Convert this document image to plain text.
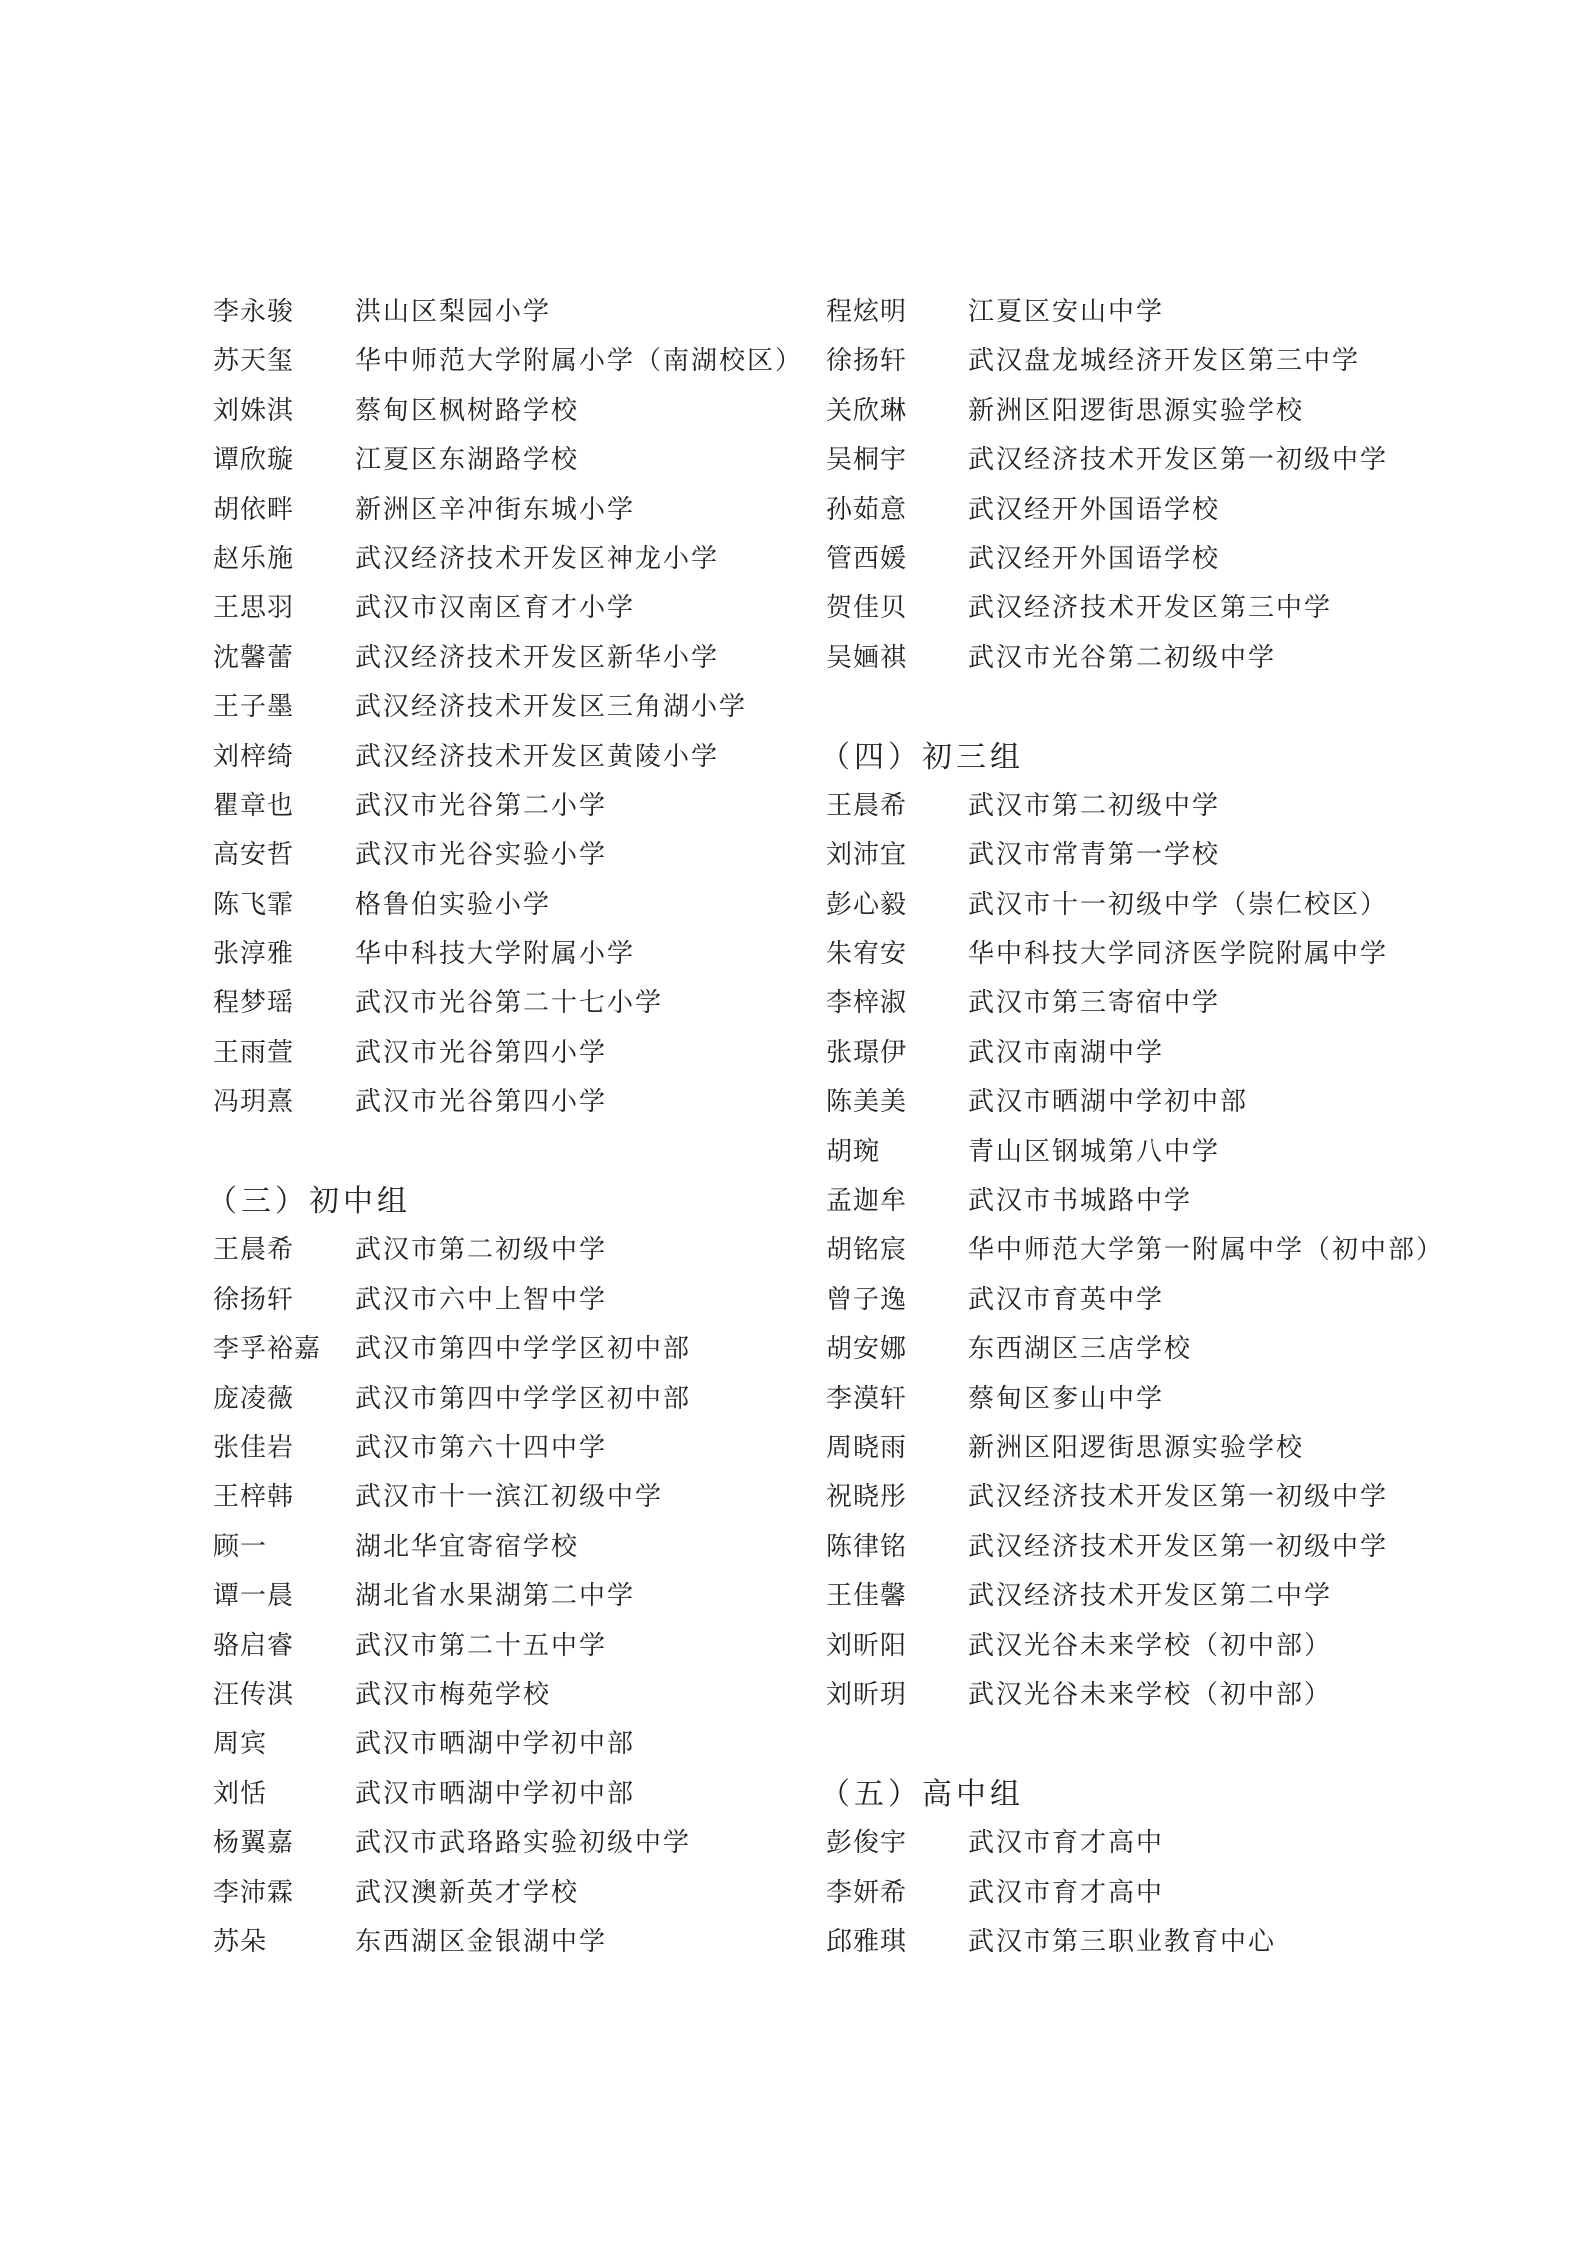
李永骏 洪山区梨园小学
苏天玺 华中师范大学附属小学（南湖校区）
刘姝淇 蔡甸区枫树路学校
谭欣璇 江夏区东湖路学校
胡依畔 新洲区辛冲街东城小学
赵乐施 武汉经济技术开发区神龙小学
王思羽 武汉市汉南区育才小学
沈馨蕾 武汉经济技术开发区新华小学
王子墨 武汉经济技术开发区三角湖小学
刘梓绮 武汉经济技术开发区黄陵小学
瞿章也 武汉市光谷第二小学
高安哲 武汉市光谷实验小学
陈飞霏 格鲁伯实验小学
张淳雅 华中科技大学附属小学
程梦瑶 武汉市光谷第二十七小学
王雨萱 武汉市光谷第四小学
冯玥熹 武汉市光谷第四小学
（三）初中组
王晨希 武汉市第二初级中学
徐扬轩 武汉市六中上智中学
李孚裕嘉 武汉市第四中学学区初中部
庞凌薇 武汉市第四中学学区初中部
张佳岩 武汉市第六十四中学
王梓韩 武汉市十一滨江初级中学
顾一	湖北华宜寄宿学校
谭一晨 湖北省水果湖第二中学
骆启睿 武汉市第二十五中学
汪传淇 武汉市梅苑学校
周宾	武汉市晒湖中学初中部
刘恬	武汉市晒湖中学初中部
杨翼嘉 武汉市武珞路实验初级中学
李沛霖 武汉澳新英才学校
苏朵	东西湖区金银湖中学
程炫明 江夏区安山中学
徐扬轩 武汉盘龙城经济开发区第三中学
关欣琳 新洲区阳逻街思源实验学校
吴桐宇 武汉经济技术开发区第一初级中学
孙茹意 武汉经开外国语学校
管西媛 武汉经开外国语学校
贺佳贝 武汉经济技术开发区第三中学
吴婳祺 武汉市光谷第二初级中学
（四）初三组
王晨希 武汉市第二初级中学
刘沛宜 武汉市常青第一学校
彭心毅 武汉市十一初级中学（崇仁校区）
朱宥安 华中科技大学同济医学院附属中学
李梓淑 武汉市第三寄宿中学
张璟伊 武汉市南湖中学
陈美美 武汉市晒湖中学初中部
胡琬	青山区钢城第八中学
孟迦牟 武汉市书城路中学
胡铭宸 华中师范大学第一附属中学（初中部）
曾子逸 武汉市育英中学
胡安娜 东西湖区三店学校
李漠轩 蔡甸区奓山中学
周晓雨 新洲区阳逻街思源实验学校
祝晓彤 武汉经济技术开发区第一初级中学
陈律铭 武汉经济技术开发区第一初级中学
王佳馨 武汉经济技术开发区第二中学
刘昕阳 武汉光谷未来学校（初中部）
刘昕玥 武汉光谷未来学校（初中部）
（五）高中组
彭俊宇 武汉市育才高中
李妍希 武汉市育才高中
邱雅琪 武汉市第三职业教育中心
